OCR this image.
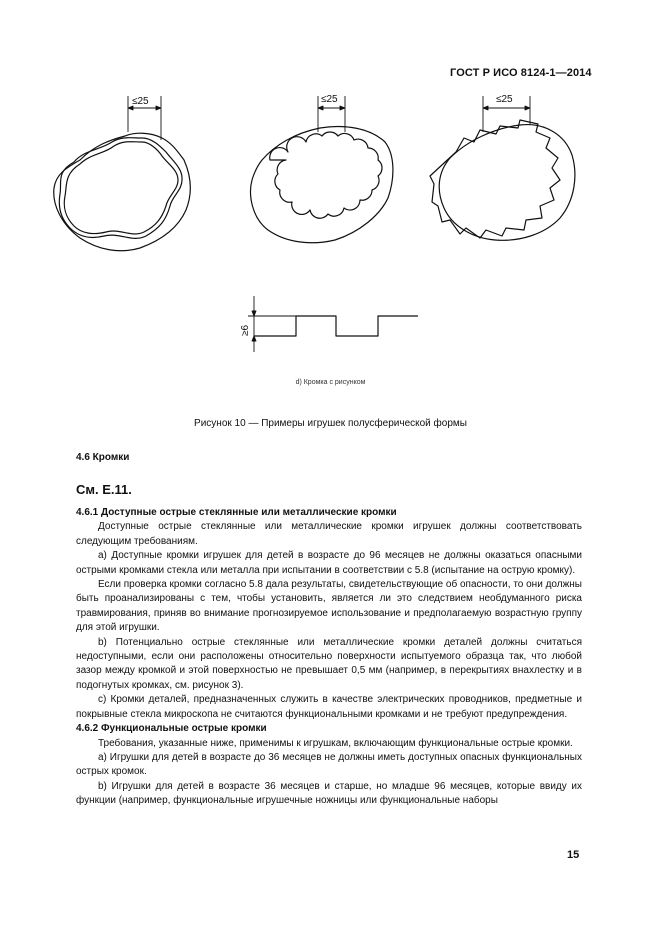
ГОСТ Р ИСО 8124-1—2014
≤25	≤25	≤25
≥6
d) Кромка с рисунком
Рисунок 10 — Примеры игрушек полусферической формы
4.6 Кромки
См. Е.11.

4.6.1 Доступные острые стеклянные или металлические кромки

Доступные острые стеклянные или металлические кромки игрушек должны соответствовать следующим требованиям.

а) Доступные кромки игрушек для детей в возрасте до 96 месяцев не должны оказаться опасными острыми кромками стекла или металла при испытании в соответствии с 5.8 (испытание на острую кромку).

Если проверка кромки согласно 5.8 дала результаты, свидетельствующие об опасности, то они должны быть проанализированы с тем, чтобы установить, является ли это следствием необдуманного риска травмирования, приняв во внимание прогнозируемое использование и предполагаемую возрастную группу для этой игрушки.

b) Потенциально острые стеклянные или металлические кромки деталей должны считаться недоступными, если они расположены относительно поверхности испытуемого образца так, что любой зазор между кромкой и этой поверхностью не превышает 0,5 мм (например, в перекрытиях внахлестку и в подогнутых кромках, см. рисунок 3).

c) Кромки деталей, предназначенных служить в качестве электрических проводников, предметные и покрывные стекла микроскопа не считаются функциональными кромками и не требуют предупреждения.

4.6.2 Функциональные острые кромки

Требования, указанные ниже, применимы к игрушкам, включающим функциональные острые кромки.

а) Игрушки для детей в возрасте до 36 месяцев не должны иметь доступных опасных функциональных острых кромок.

b) Игрушки для детей в возрасте 36 месяцев и старше, но младше 96 месяцев, которые ввиду их функции (например, функциональные игрушечные ножницы или функциональные наборы

15
